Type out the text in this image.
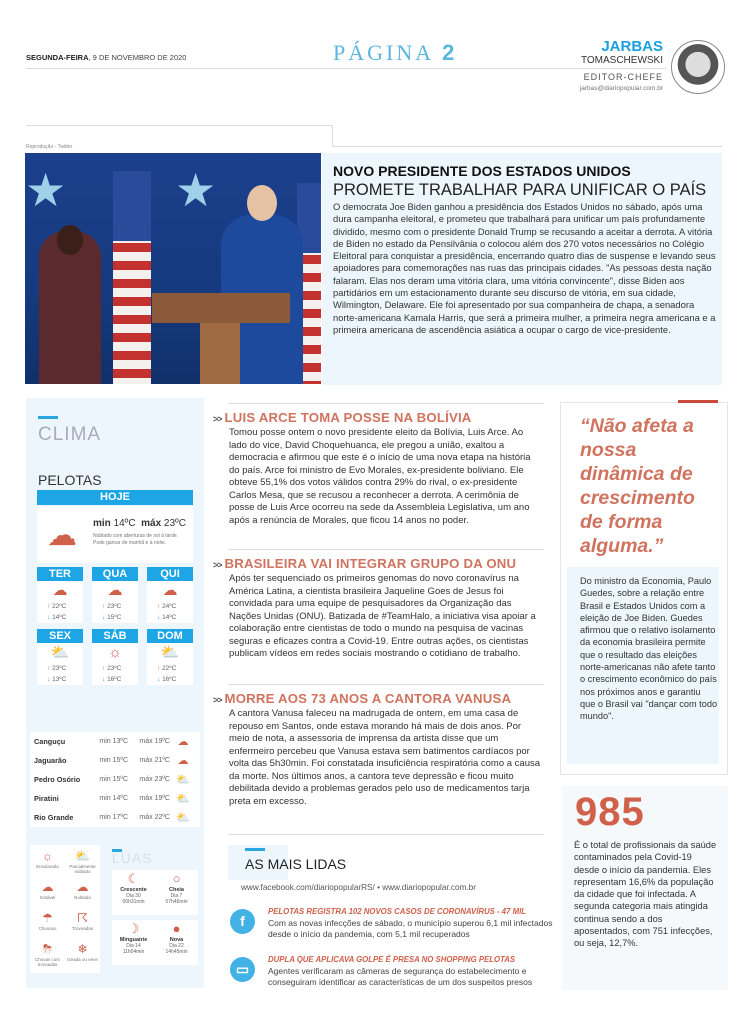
SEGUNDA-FEIRA, 9 DE NOVEMBRO DE 2020	PÁGINA 2	JARBAS
TOMASCHEWSKI
EDITOR-CHEFE
jarbas@diariopopular.com.br
Reprodução - Twitter
★ ★	NOVO PRESIDENTE DOS ESTADOS UNIDOS
PROMETE TRABALHAR PARA UNIFICAR O PAÍS

O democrata Joe Biden ganhou a presidência dos Estados Unidos no sábado, após uma dura campanha eleitoral, e prometeu que trabalhará para unificar um país profundamente dividido, mesmo com o presidente Donald Trump se recusando a aceitar a derrota. A vitória de Biden no estado da Pensilvânia o colocou além dos 270 votos necessários no Colégio Eleitoral para conquistar a presidência, encerrando quatro dias de suspense e levando seus apoiadores para comemorações nas ruas das principais cidades. "As pessoas desta nação falaram. Elas nos deram uma vitória clara, uma vitória convincente", disse Biden aos partidários em um estacionamento durante seu discurso de vitória, em sua cidade, Wilmington, Delaware. Ele foi apresentado por sua companheira de chapa, a senadora norte-americana Kamala Harris, que será a primeira mulher, a primeira negra americana e a primeira americana de ascendência asiática a ocupar o cargo de vice-presidente.

CLIMA
PELOTAS
HOJE
☁ min 14ºC máx 23ºC
Nublado com aberturas de sol à tarde. Pode garoar de manhã e à noite.
TER
☁
↑ 22ºC
↓ 14ºC
QUA
☁
↑ 23ºC
↓ 15ºC
QUI
☁
↑ 24ºC
↓ 14ºC
SEX
⛅
↑ 23ºC
↓ 13ºC
SÁB
☼
↑ 23ºC
↓ 16ºC
DOM
⛅
↑ 22ºC
↓ 16ºC
Canguçu	min 13ºC	máx 19ºC ☁
Jaguarão	min 15ºC	máx 21ºC ☁
Pedro Osório	min 15ºC	máx 23ºC ⛅
Piratini	min 14ºC	máx 19ºC ⛅
Rio Grande	min 17ºC	máx 22ºC ⛅
☼
Ensolarado
⛅
Parcialmente nublado
☁
Instável
☁
Nublado
☂
Chuvoso
☈
Trovoadas
⛈
Chuvas com trovoadas
❄
Geada ou neve
LUAS
☾
Crescente
Dia 30
00h31min
○
Cheia
Dia 7
07h46min
☽
Minguante
Dia 14
11h04min
●
Nova
Dia 22
14h45min
>> LUIS ARCE TOMA POSSE NA BOLÍVIA

Tomou posse ontem o novo presidente eleito da Bolívia, Luis Arce. Ao lado do vice, David Choquehuanca, ele pregou a união, exaltou a democracia e afirmou que este é o início de uma nova etapa na história do país. Arce foi ministro de Evo Morales, ex-presidente boliviano. Ele obteve 55,1% dos votos válidos contra 29% do rival, o ex-presidente Carlos Mesa, que se recusou a reconhecer a derrota. A cerimônia de posse de Luis Arce ocorreu na sede da Assembleia Legislativa, um ano após a renúncia de Morales, que ficou 14 anos no poder.

>> BRASILEIRA VAI INTEGRAR GRUPO DA ONU

Após ter sequenciado os primeiros genomas do novo coronavírus na América Latina, a cientista brasileira Jaqueline Goes de Jesus foi convidada para uma equipe de pesquisadores da Organização das Nações Unidas (ONU). Batizada de #TeamHalo, a iniciativa visa apoiar a colaboração entre cientistas de todo o mundo na pesquisa de vacinas seguras e eficazes contra a Covid-19. Entre outras ações, os cientistas publicam vídeos em redes sociais mostrando o cotidiano de trabalho.

>> MORRE AOS 73 ANOS A CANTORA VANUSA

A cantora Vanusa faleceu na madrugada de ontem, em uma casa de repouso em Santos, onde estava morando há mais de dois anos. Por meio de nota, a assessoria de imprensa da artista disse que um enfermeiro percebeu que Vanusa estava sem batimentos cardíacos por volta das 5h30min. Foi constatada insuficiência respiratória como a causa da morte. Nos últimos anos, a cantora teve depressão e ficou muito debilitada devido a problemas gerados pelo uso de medicamentos tarja preta em excesso.

AS MAIS LIDAS
www.facebook.com/diariopopularRS/ • www.diariopopular.com.br
f
PELOTAS REGISTRA 102 NOVOS CASOS DE CORONAVÍRUS - 47 MIL

Com as novas infecções de sábado, o município superou 6,1 mil infectados desde o início da pandemia, com 5,1 mil recuperados

▭
DUPLA QUE APLICAVA GOLPE É PRESA NO SHOPPING PELOTAS

Agentes verificaram as câmeras de segurança do estabelecimento e conseguiram identificar as características de um dos suspeitos presos

“Não afeta a nossa dinâmica de crescimento de forma alguma.”
Do ministro da Economia, Paulo Guedes, sobre a relação entre Brasil e Estados Unidos com a eleição de Joe Biden. Guedes afirmou que o relativo isolamento da economia brasileira permite que o resultado das eleições norte-americanas não afete tanto o crescimento econômico do país nos próximos anos e garantiu que o Brasil vai "dançar com todo mundo".
985
É o total de profissionais da saúde contaminados pela Covid-19 desde o início da pandemia. Eles representam 16,6% da população da cidade que foi infectada. A segunda categoria mais atingida continua sendo a dos aposentados, com 751 infecções, ou seja, 12,7%.
